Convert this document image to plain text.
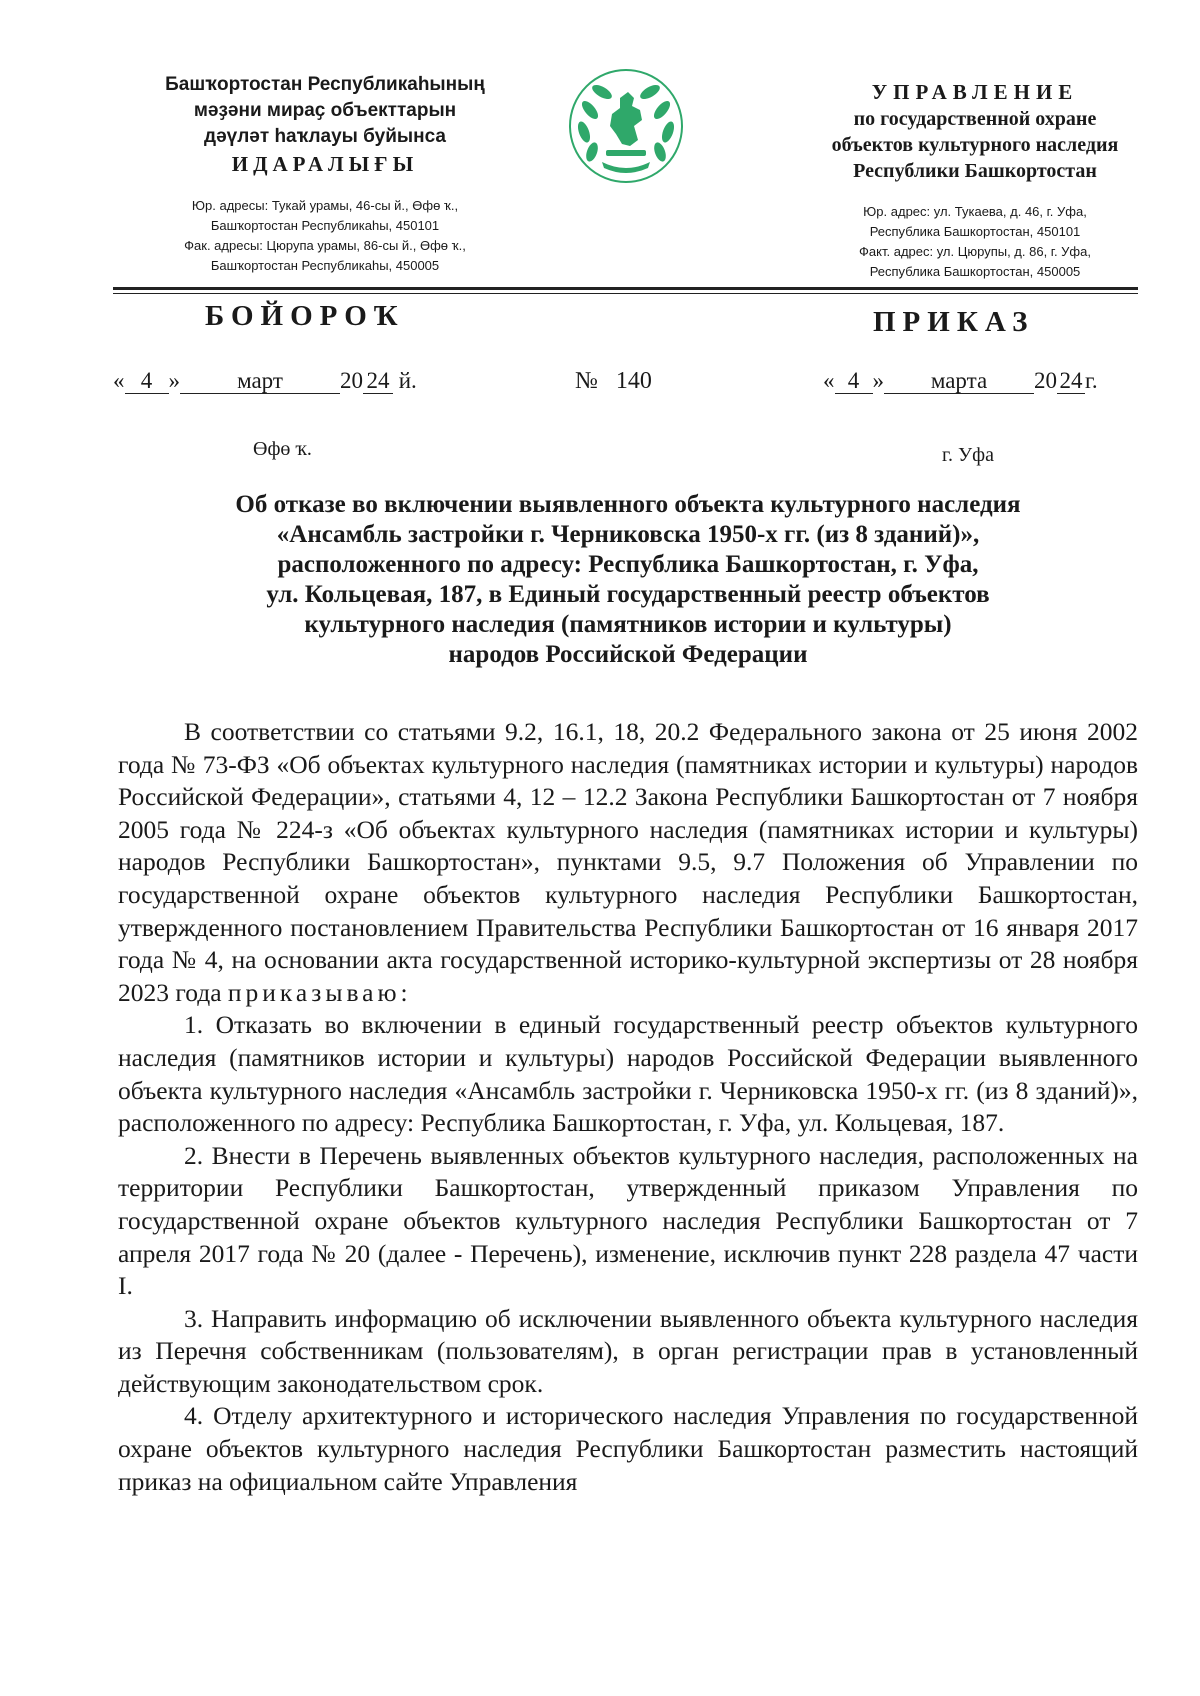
Башҡортостан Республикаһының
мәҙәни мираҫ объекттарын
дәүләт һаҡлауы буйынса
ИДАРАЛЫҒЫ
Юр. адресы: Тукай урамы, 46-сы й., Өфө ҡ.,
Башҡортостан Республикаһы, 450101
Фак. адресы: Цюрупа урамы, 86-сы й., Өфө ҡ.,
Башҡортостан Республикаһы, 450005
УПРАВЛЕНИЕ
по государственной охране
объектов культурного наследия
Республики Башкортостан
Юр. адрес: ул. Тукаева, д. 46, г. Уфа,
Республика Башкортостан, 450101
Факт. адрес: ул. Цюрупы, д. 86, г. Уфа,
Республика Башкортостан, 450005
БОЙОРОҠ	ПРИКАЗ
« 4 » март 20 24 й.	№ 140	« 4 » марта 20 24 г.
Өфө ҡ.	г. Уфа
Об отказе во включении выявленного объекта культурного наследия
«Ансамбль застройки г. Черниковска 1950-х гг. (из 8 зданий)»,
расположенного по адресу: Республика Башкортостан, г. Уфа,
ул. Кольцевая, 187, в Единый государственный реестр объектов
культурного наследия (памятников истории и культуры)
народов Российской Федерации

В соответствии со статьями 9.2, 16.1, 18, 20.2 Федерального закона от 25 июня 2002 года № 73-ФЗ «Об объектах культурного наследия (памятниках истории и культуры) народов Российской Федерации», статьями 4, 12 – 12.2 Закона Республики Башкортостан от 7 ноября 2005 года № 224-з «Об объектах культурного наследия (памятниках истории и культуры) народов Республики Башкортостан», пунктами 9.5, 9.7 Положения об Управлении по государственной охране объектов культурного наследия Республики Башкортостан, утвержденного постановлением Правительства Республики Башкортостан от 16 января 2017 года № 4, на основании акта государственной историко-культурной экспертизы от 28 ноября 2023 года приказываю:

1. Отказать во включении в единый государственный реестр объектов культурного наследия (памятников истории и культуры) народов Российской Федерации выявленного объекта культурного наследия «Ансамбль застройки г. Черниковска 1950-х гг. (из 8 зданий)», расположенного по адресу: Республика Башкортостан, г. Уфа, ул. Кольцевая, 187.

2. Внести в Перечень выявленных объектов культурного наследия, расположенных на территории Республики Башкортостан, утвержденный приказом Управления по государственной охране объектов культурного наследия Республики Башкортостан от 7 апреля 2017 года № 20 (далее - Перечень), изменение, исключив пункт 228 раздела 47 части I.

3. Направить информацию об исключении выявленного объекта культурного наследия из Перечня собственникам (пользователям), в орган регистрации прав в установленный действующим законодательством срок.

4. Отделу архитектурного и исторического наследия Управления по государственной охране объектов культурного наследия Республики Башкортостан разместить настоящий приказ на официальном сайте Управления
